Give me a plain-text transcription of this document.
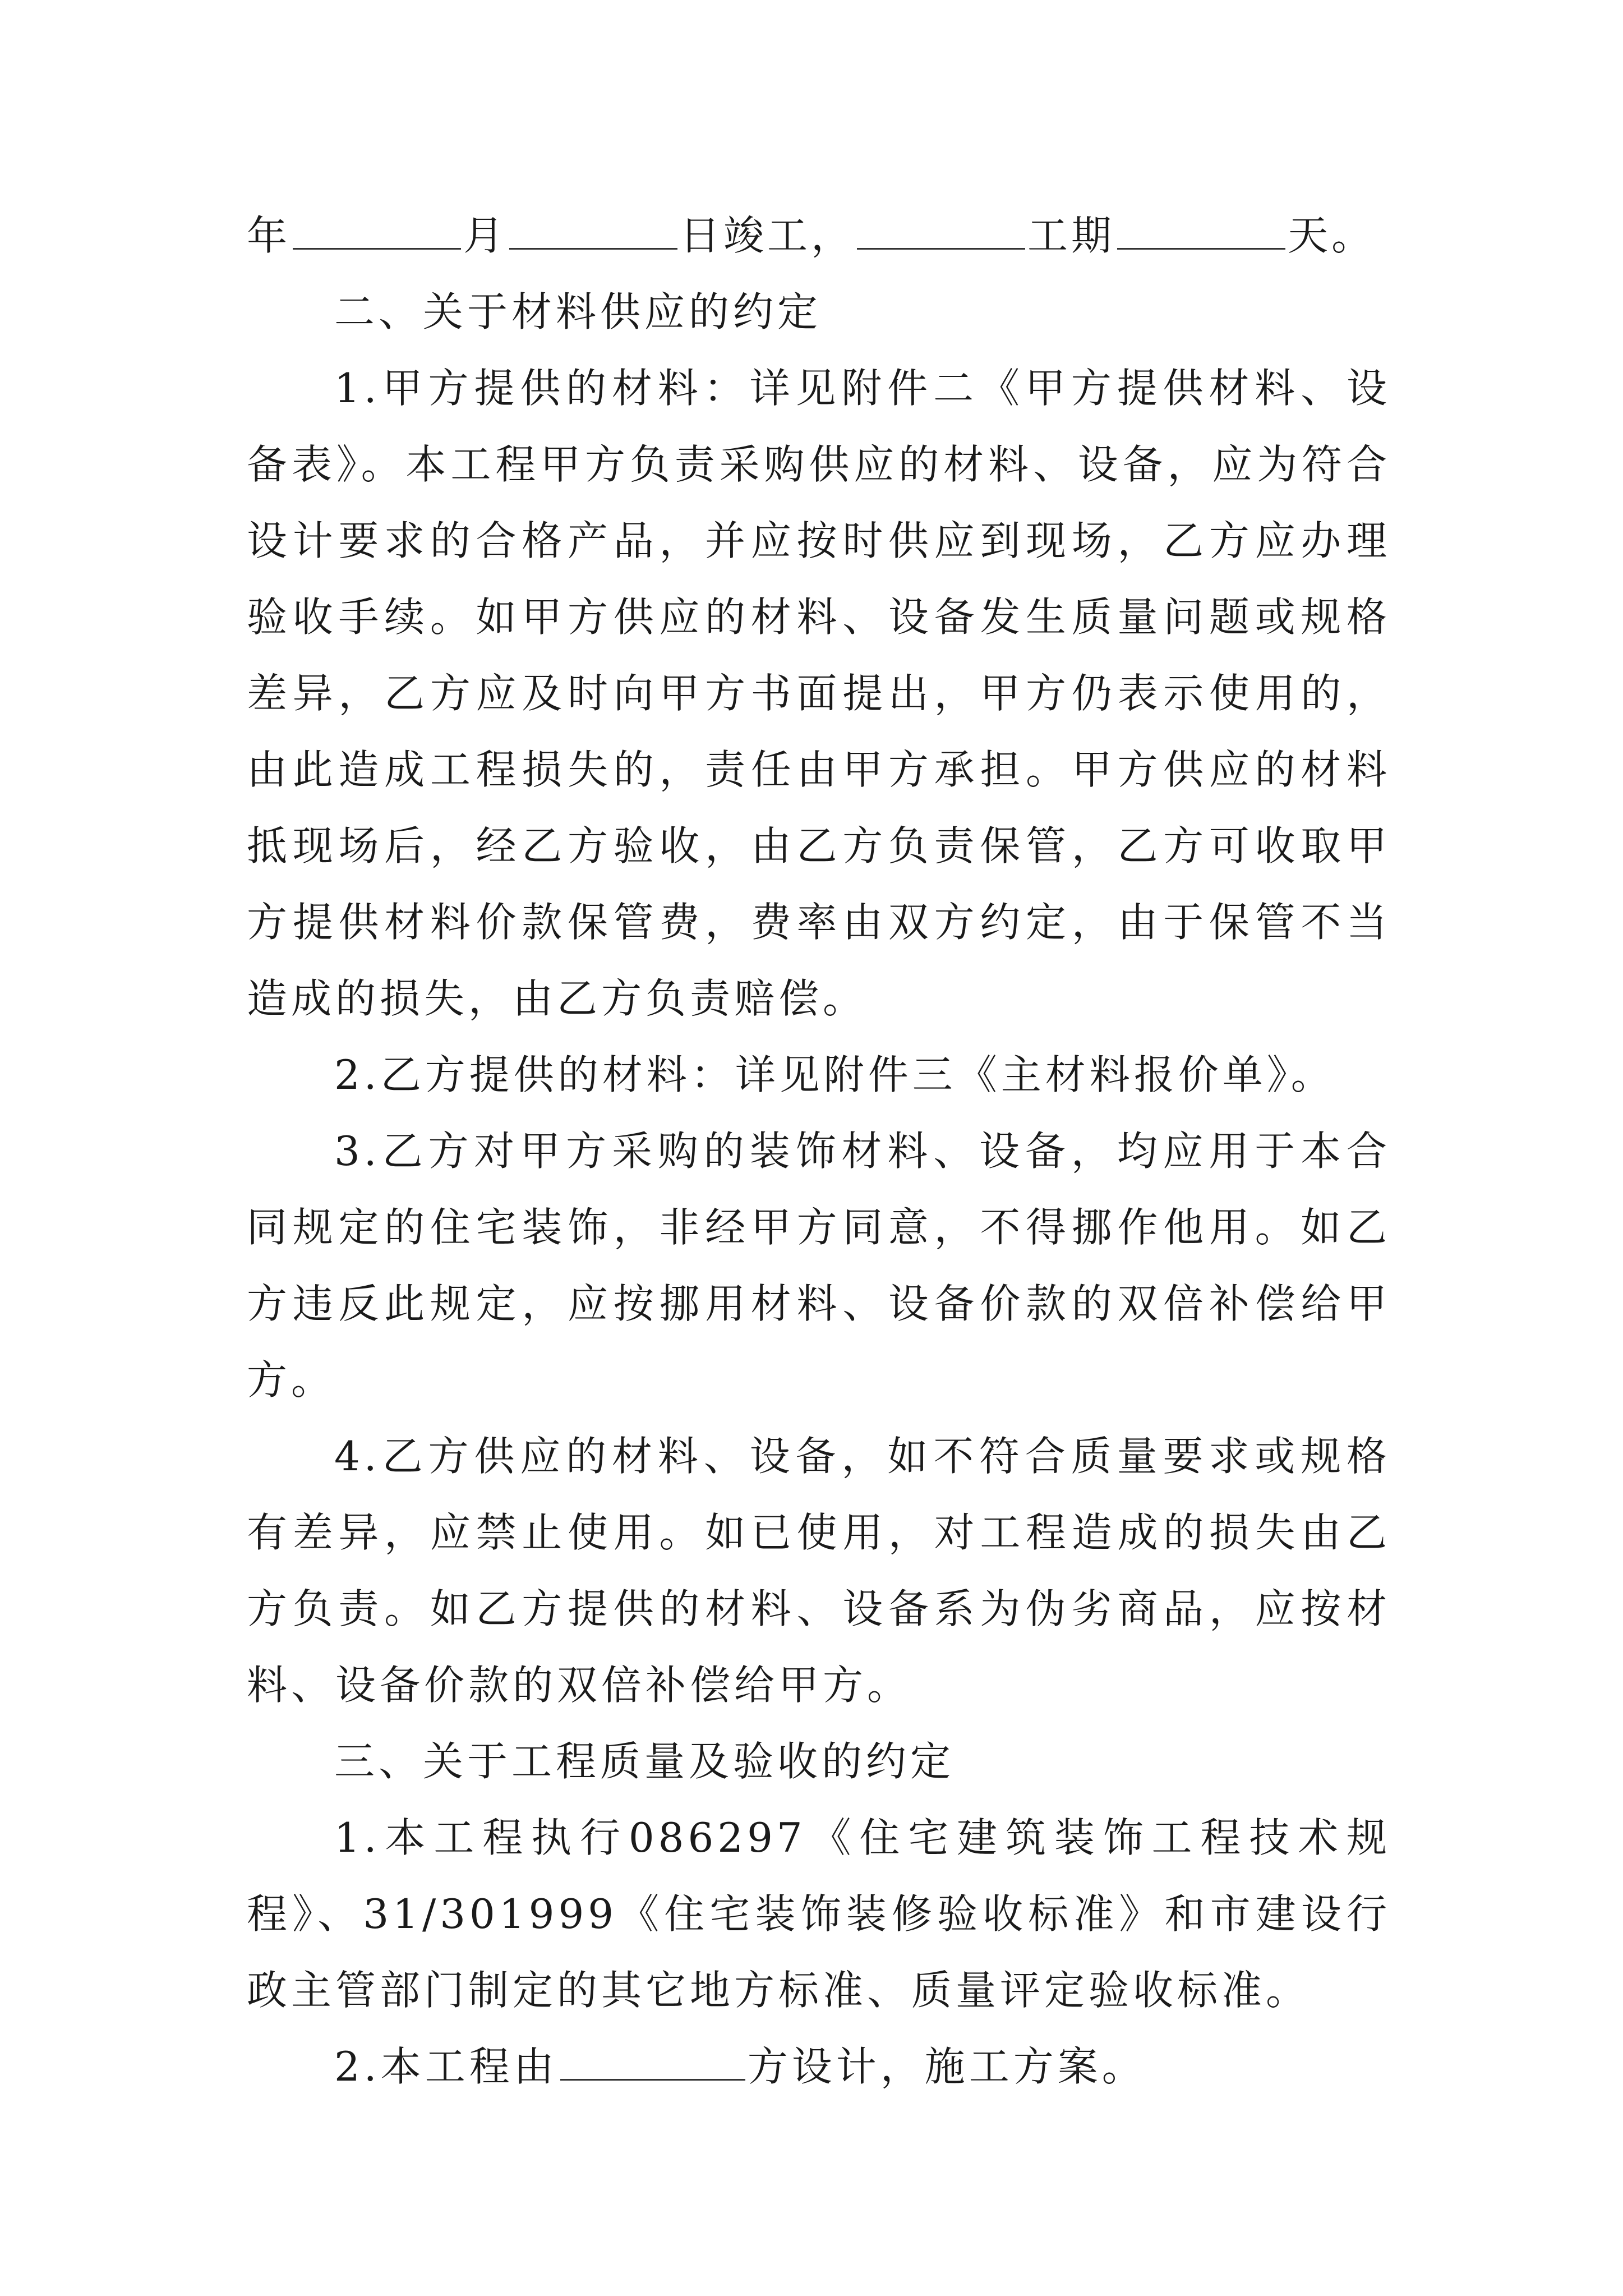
年	月	日竣工，	工期	天。

二、关于材料供应的约定

1.甲方提供的材料：详见附件二《甲方提供材料、设备表》。本工程甲方负责采购供应的材料、设备，应为符合设计要求的合格产品，并应按时供应到现场，乙方应办理验收手续。如甲方供应的材料、设备发生质量问题或规格差异，乙方应及时向甲方书面提出，甲方仍表示使用的，由此造成工程损失的，责任由甲方承担。甲方供应的材料抵现场后，经乙方验收，由乙方负责保管，乙方可收取甲方提供材料价款保管费，费率由双方约定，由于保管不当造成的损失，由乙方负责赔偿。

2.乙方提供的材料：详见附件三《主材料报价单》。

3.乙方对甲方采购的装饰材料、设备，均应用于本合同规定的住宅装饰，非经甲方同意，不得挪作他用。如乙方违反此规定，应按挪用材料、设备价款的双倍补偿给甲方。

4.乙方供应的材料、设备，如不符合质量要求或规格有差异，应禁止使用。如已使用，对工程造成的损失由乙方负责。如乙方提供的材料、设备系为伪劣商品，应按材料、设备价款的双倍补偿给甲方。

三、关于工程质量及验收的约定

1.本工程执行086297《住宅建筑装饰工程技术规程》、31/301999《住宅装饰装修验收标准》和市建设行政主管部门制定的其它地方标准、质量评定验收标准。

2.本工程由	方设计，施工方案。
